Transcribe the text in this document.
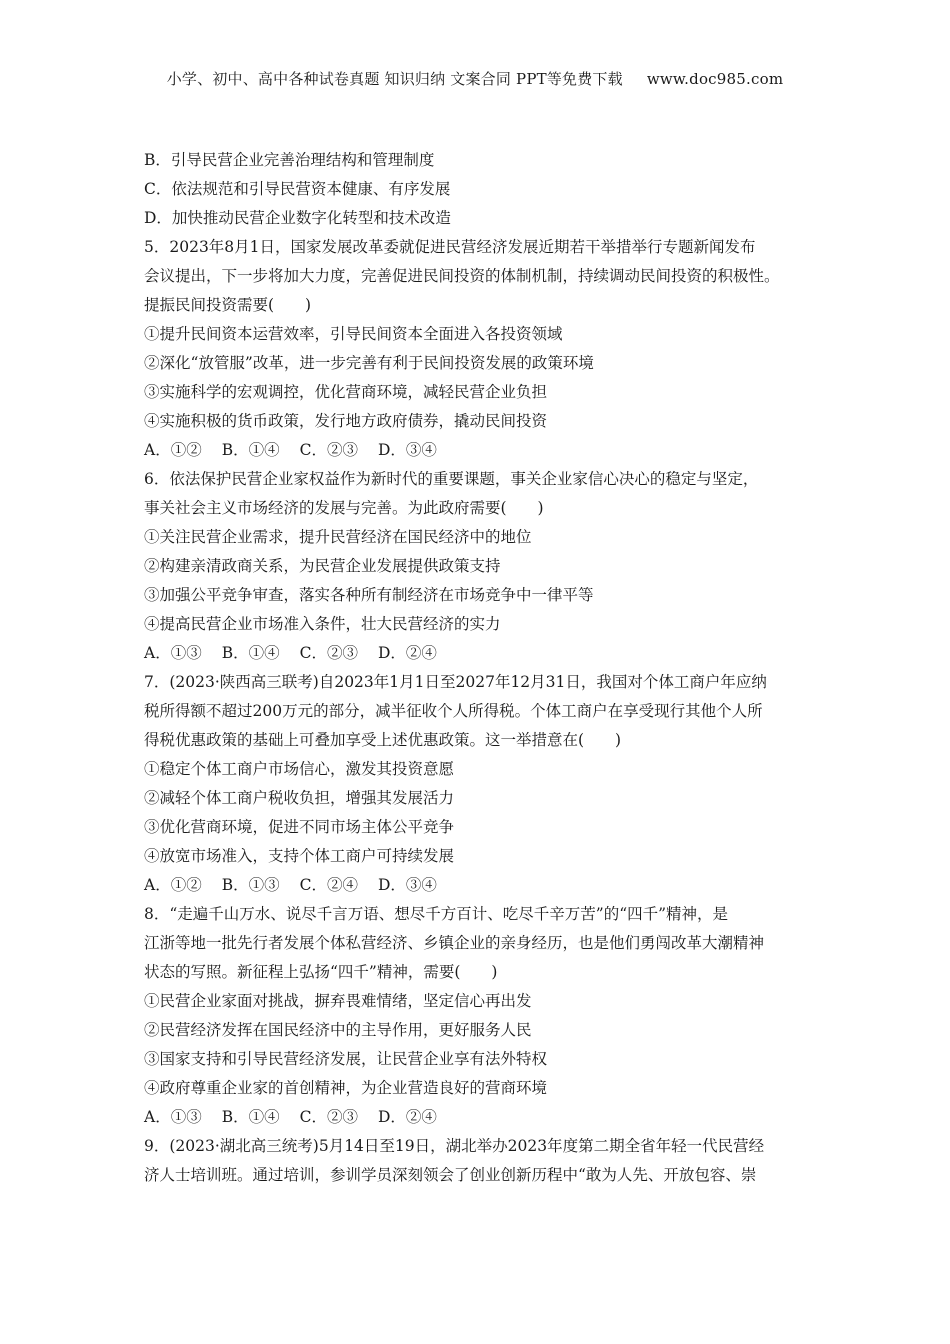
小学、初中、高中各种试卷真题 知识归纳 文案合同 PPT等免费下载 www.doc985.com
B．引导民营企业完善治理结构和管理制度
C．依法规范和引导民营资本健康、有序发展
D．加快推动民营企业数字化转型和技术改造
5．2023年8月1日，国家发展改革委就促进民营经济发展近期若干举措举行专题新闻发布
会议提出，下一步将加大力度，完善促进民间投资的体制机制，持续调动民间投资的积极性。
提振民间投资需要(　　)
①提升民间资本运营效率，引导民间资本全面进入各投资领域
②深化“放管服”改革，进一步完善有利于民间投资发展的政策环境
③实施科学的宏观调控，优化营商环境，减轻民营企业负担
④实施积极的货币政策，发行地方政府债券，撬动民间投资
A．①② B．①④ C．②③ D．③④
6．依法保护民营企业家权益作为新时代的重要课题，事关企业家信心决心的稳定与坚定，
事关社会主义市场经济的发展与完善。为此政府需要(　　)
①关注民营企业需求，提升民营经济在国民经济中的地位
②构建亲清政商关系，为民营企业发展提供政策支持
③加强公平竞争审查，落实各种所有制经济在市场竞争中一律平等
④提高民营企业市场准入条件，壮大民营经济的实力
A．①③ B．①④ C．②③ D．②④
7．(2023·陕西高三联考)自2023年1月1日至2027年12月31日，我国对个体工商户年应纳
税所得额不超过200万元的部分，减半征收个人所得税。个体工商户在享受现行其他个人所
得税优惠政策的基础上可叠加享受上述优惠政策。这一举措意在(　　)
①稳定个体工商户市场信心，激发其投资意愿
②减轻个体工商户税收负担，增强其发展活力
③优化营商环境，促进不同市场主体公平竞争
④放宽市场准入，支持个体工商户可持续发展
A．①② B．①③ C．②④ D．③④
8．“走遍千山万水、说尽千言万语、想尽千方百计、吃尽千辛万苦”的“四千”精神，是
江浙等地一批先行者发展个体私营经济、乡镇企业的亲身经历，也是他们勇闯改革大潮精神
状态的写照。新征程上弘扬“四千”精神，需要(　　)
①民营企业家面对挑战，摒弃畏难情绪，坚定信心再出发
②民营经济发挥在国民经济中的主导作用，更好服务人民
③国家支持和引导民营经济发展，让民营企业享有法外特权
④政府尊重企业家的首创精神，为企业营造良好的营商环境
A．①③ B．①④ C．②③ D．②④
9．(2023·湖北高三统考)5月14日至19日，湖北举办2023年度第二期全省年轻一代民营经
济人士培训班。通过培训，参训学员深刻领会了创业创新历程中“敢为人先、开放包容、崇
